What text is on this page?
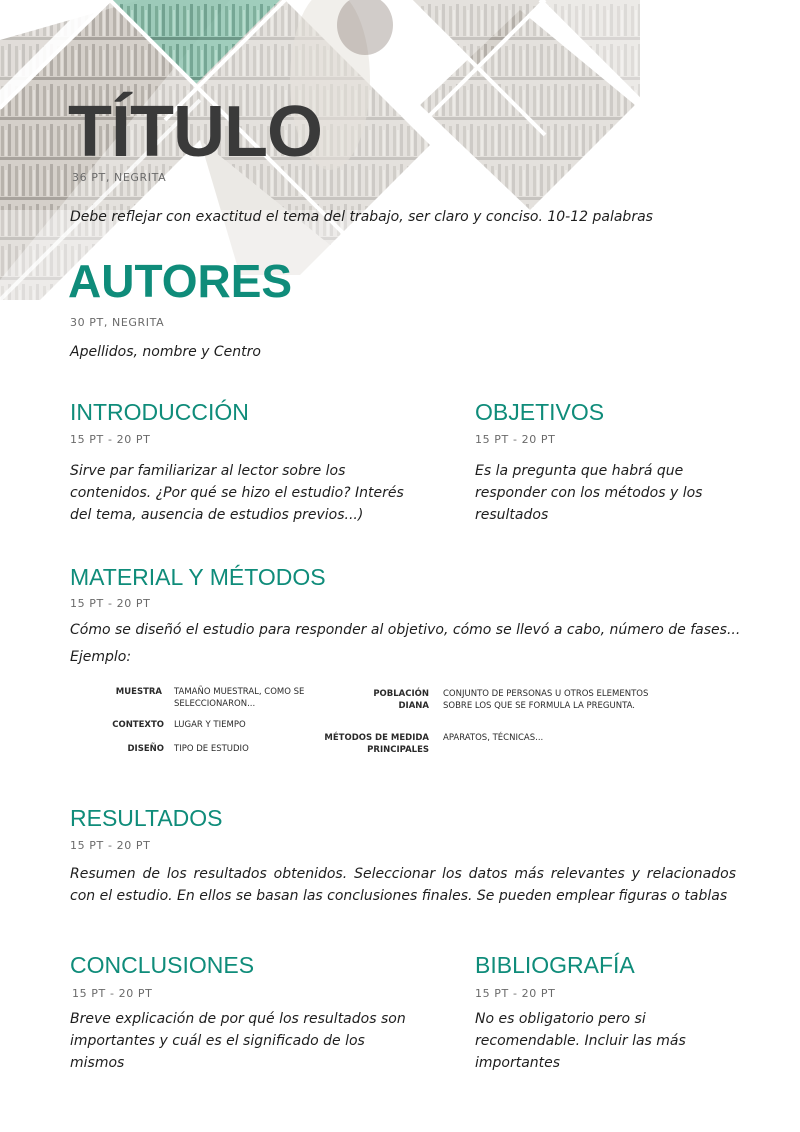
TÍTULO
36 PT, NEGRITA
Debe reflejar con exactitud el tema del trabajo, ser claro y conciso. 10-12 palabras
AUTORES
30 PT, NEGRITA
Apellidos, nombre y Centro
INTRODUCCIÓN
15 PT - 20 PT
Sirve par familiarizar al lector sobre los contenidos. ¿Por qué se hizo el estudio? Interés del tema, ausencia de estudios previos...)
OBJETIVOS
15 PT - 20 PT
Es la pregunta que habrá que responder con los métodos y los resultados
MATERIAL Y MÉTODOS
15 PT - 20 PT
Cómo se diseñó el estudio para responder al objetivo, cómo se llevó a cabo, número de fases...
Ejemplo:
MUESTRA TAMAÑO MUESTRAL, COMO SE SELECCIONARON...
CONTEXTO LUGAR Y TIEMPO
DISEÑO TIPO DE ESTUDIO
POBLACIÓN DIANA
CONJUNTO DE PERSONAS U OTROS ELEMENTOS SOBRE LOS QUE SE FORMULA LA PREGUNTA.
MÉTODOS DE MEDIDA PRINCIPALES
APARATOS, TÉCNICAS...
RESULTADOS
15 PT - 20 PT
Resumen de los resultados obtenidos. Seleccionar los datos más relevantes y relacionados con el estudio. En ellos se basan las conclusiones finales. Se pueden emplear figuras o tablas
CONCLUSIONES
15 PT - 20 PT
Breve explicación de por qué los resultados son importantes y cuál es el significado de los mismos
BIBLIOGRAFÍA
15 PT - 20 PT
No es obligatorio pero si recomendable. Incluir las más importantes
